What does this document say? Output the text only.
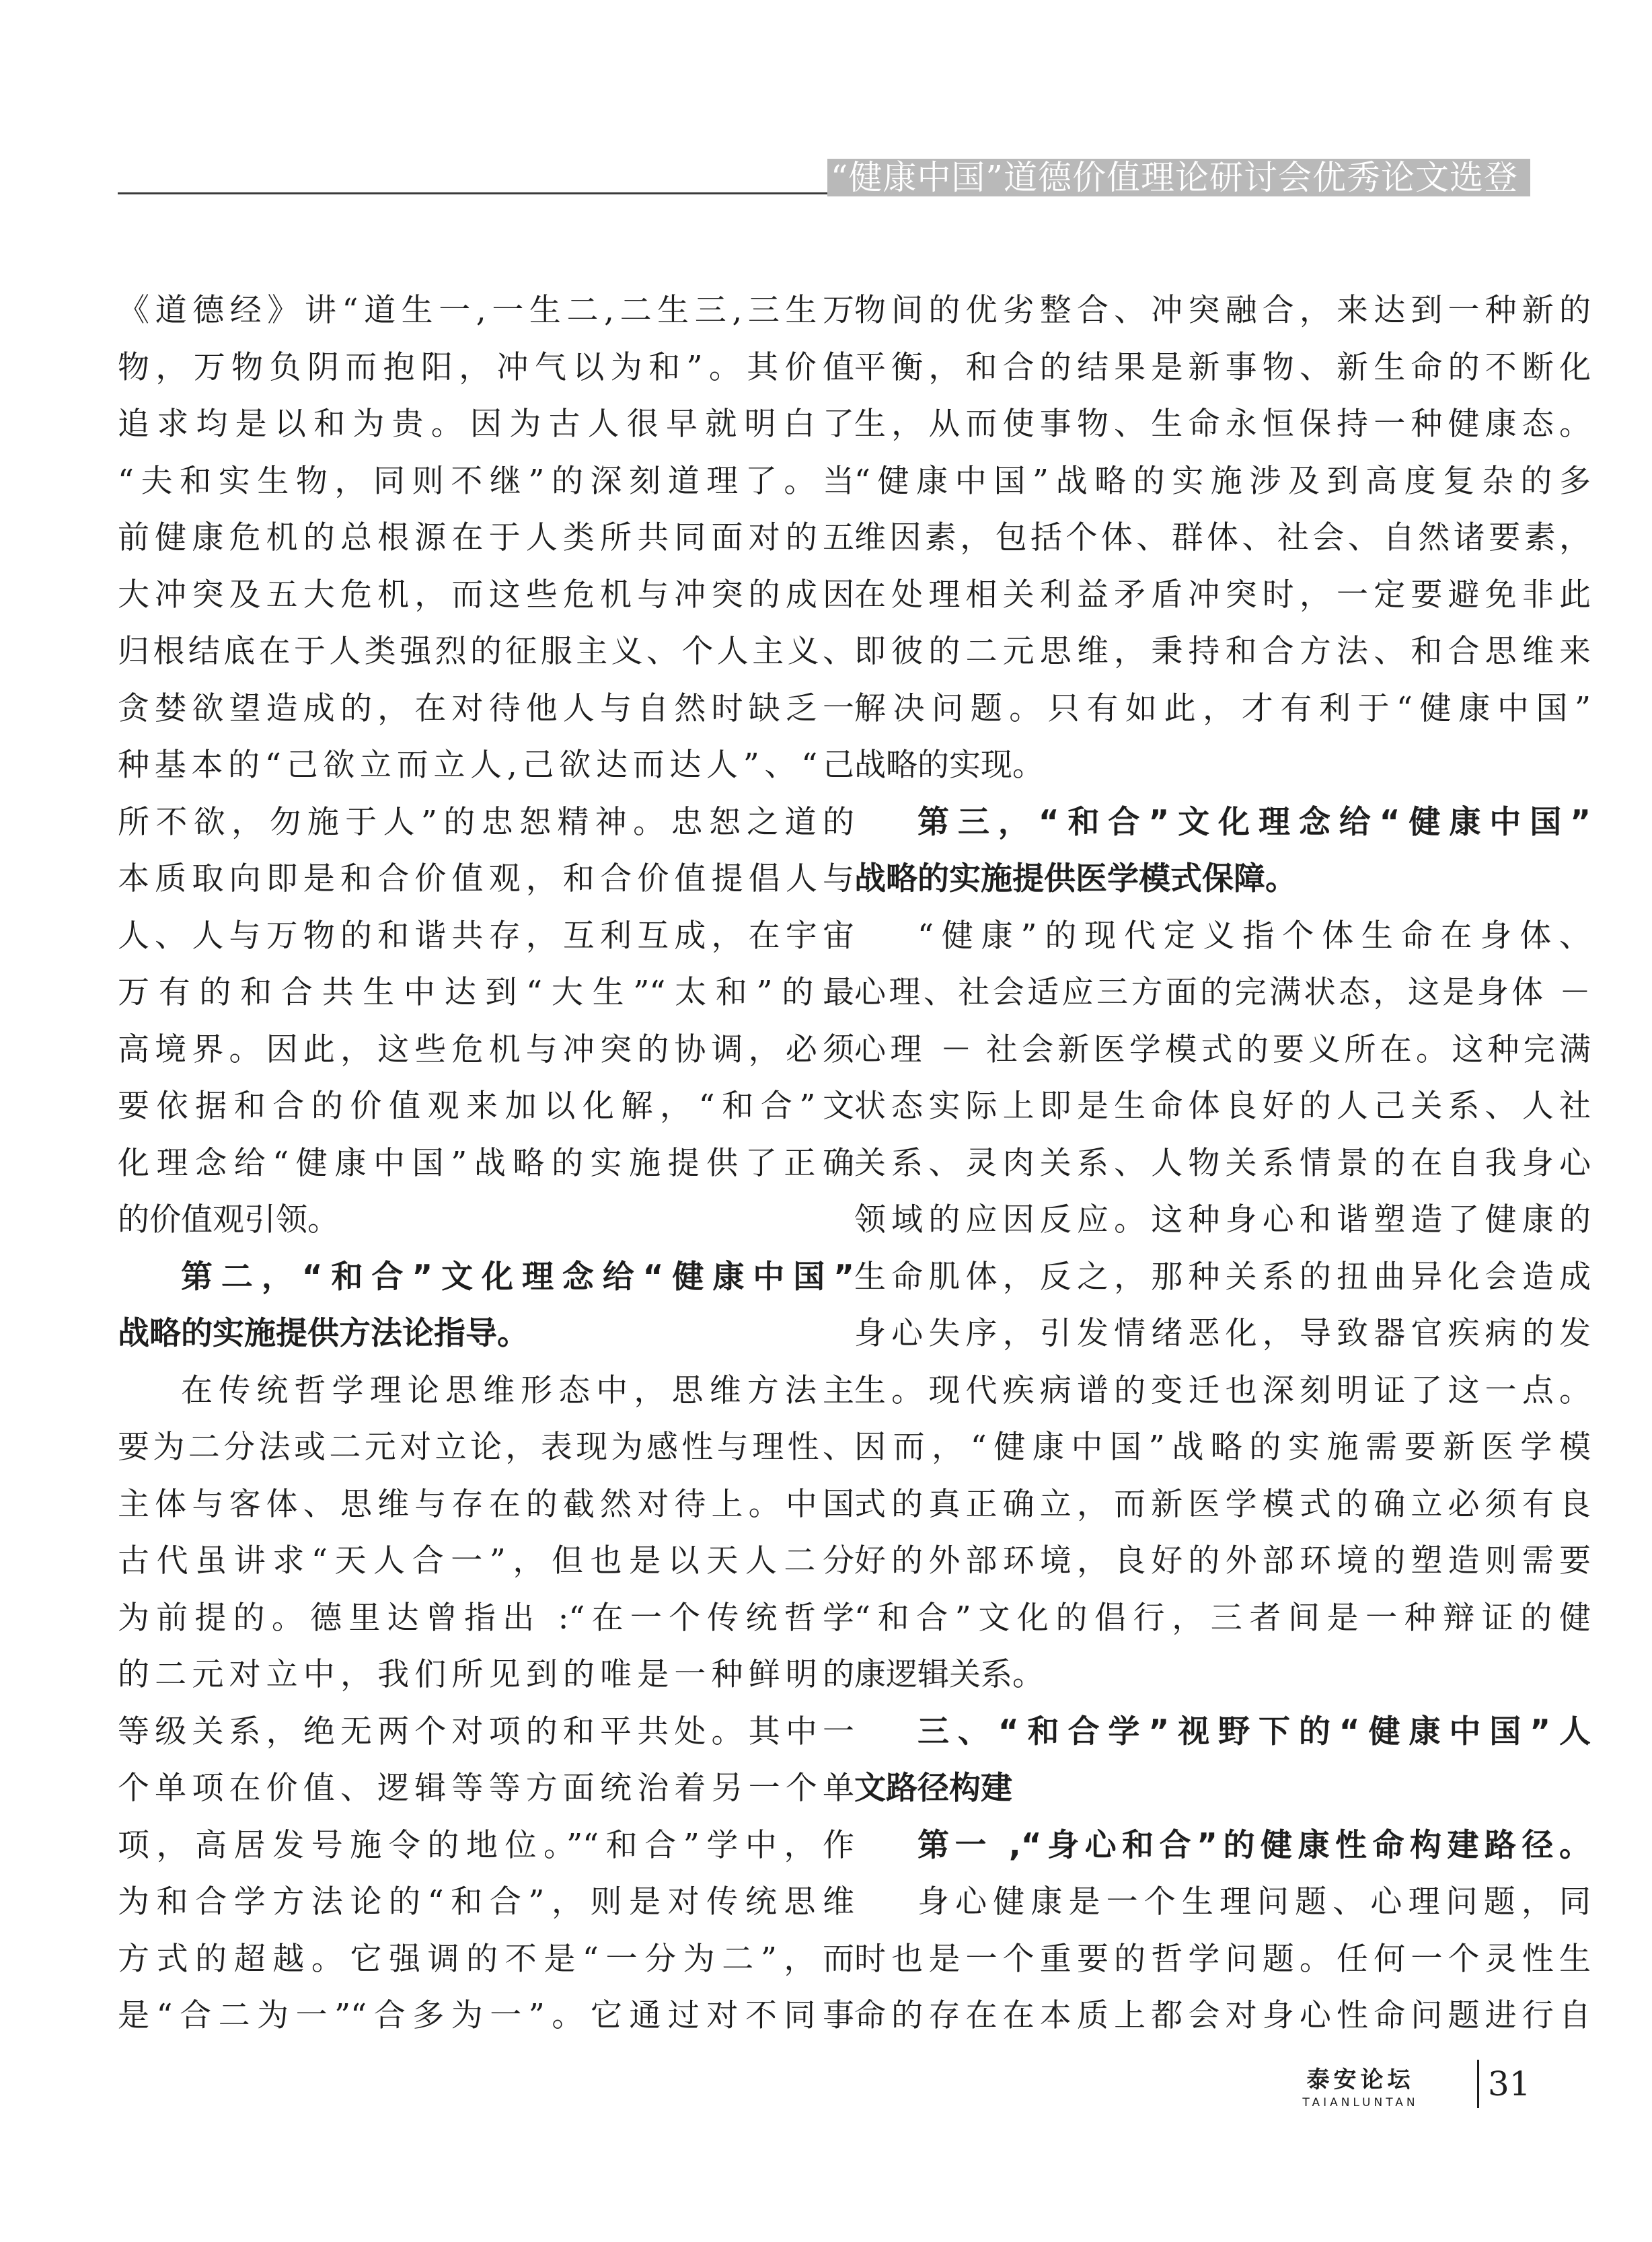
“健康中国”道德价值理论研讨会优秀论文选登

《道德经》讲“道生一,一生二,二生三,三生万

物，万物负阴而抱阳，冲气以为和”。其价值

追求均是以和为贵。因为古人很早就明白了

“夫和实生物，同则不继”的深刻道理了。当

前健康危机的总根源在于人类所共同面对的五

大冲突及五大危机，而这些危机与冲突的成因

归根结底在于人类强烈的征服主义、个人主义、

贪婪欲望造成的，在对待他人与自然时缺乏一

种基本的“己欲立而立人,己欲达而达人”、“己

所不欲，勿施于人”的忠恕精神。忠恕之道的

本质取向即是和合价值观，和合价值提倡人与

人、人与万物的和谐共存，互利互成，在宇宙

万有的和合共生中达到“大生”“太和”的最

高境界。因此，这些危机与冲突的协调，必须

要依据和合的价值观来加以化解，“和合”文

化理念给“健康中国”战略的实施提供了正确

的价值观引领。

第二，“和合”文化理念给“健康中国”

战略的实施提供方法论指导。

在传统哲学理论思维形态中，思维方法主

要为二分法或二元对立论，表现为感性与理性、

主体与客体、思维与存在的截然对待上。中国

古代虽讲求“天人合一”，但也是以天人二分

为前提的。德里达曾指出 :“在一个传统哲学

的二元对立中，我们所见到的唯是一种鲜明的

等级关系，绝无两个对项的和平共处。其中一

个单项在价值、逻辑等等方面统治着另一个单

项，高居发号施令的地位。”“和合”学中，作

为和合学方法论的“和合”，则是对传统思维

方式的超越。它强调的不是“一分为二”，而

是“合二为一”“合多为一”。它通过对不同事

物间的优劣整合、冲突融合，来达到一种新的

平衡，和合的结果是新事物、新生命的不断化

生，从而使事物、生命永恒保持一种健康态。

“健康中国”战略的实施涉及到高度复杂的多

维因素，包括个体、群体、社会、自然诸要素，

在处理相关利益矛盾冲突时，一定要避免非此

即彼的二元思维，秉持和合方法、和合思维来

解决问题。只有如此，才有利于“健康中国”

战略的实现。

第三，“和合”文化理念给“健康中国”

战略的实施提供医学模式保障。

“健康”的现代定义指个体生命在身体、

心理、社会适应三方面的完满状态，这是身体 －

心理 － 社会新医学模式的要义所在。这种完满

状态实际上即是生命体良好的人己关系、人社

关系、灵肉关系、人物关系情景的在自我身心

领域的应因反应。这种身心和谐塑造了健康的

生命肌体，反之，那种关系的扭曲异化会造成

身心失序，引发情绪恶化，导致器官疾病的发

生。现代疾病谱的变迁也深刻明证了这一点。

因而，“健康中国”战略的实施需要新医学模

式的真正确立，而新医学模式的确立必须有良

好的外部环境，良好的外部环境的塑造则需要

“和合”文化的倡行，三者间是一种辩证的健

康逻辑关系。

三、“和合学”视野下的“健康中国”人

文路径构建

第一 ,“身心和合”的健康性命构建路径。

身心健康是一个生理问题、心理问题，同

时也是一个重要的哲学问题。任何一个灵性生

命的存在在本质上都会对身心性命问题进行自

泰安论坛
TAIANLUNTAN	31
